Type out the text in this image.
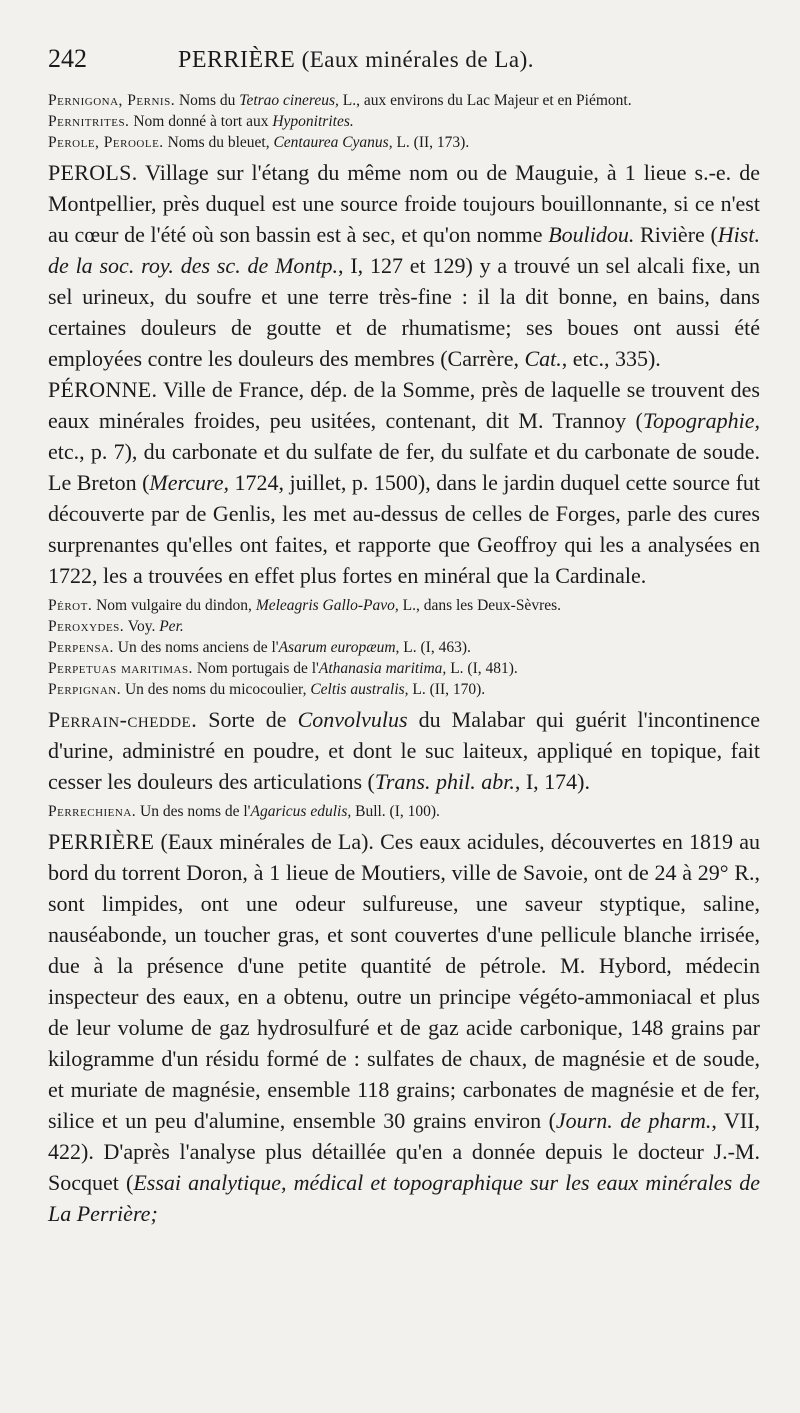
242	PERRIÈRE (Eaux minérales de La).

Pernigona, Pernis. Noms du Tetrao cinereus, L., aux environs du Lac Majeur et en Piémont.

Pernitrites. Nom donné à tort aux Hyponitrites.

Perole, Peroole. Noms du bleuet, Centaurea Cyanus, L. (II, 173).

PEROLS. Village sur l'étang du même nom ou de Mauguie, à 1 lieue s.-e. de Montpellier, près duquel est une source froide toujours bouillonnante, si ce n'est au cœur de l'été où son bassin est à sec, et qu'on nomme Boulidou. Rivière (Hist. de la soc. roy. des sc. de Montp., I, 127 et 129) y a trouvé un sel alcali fixe, un sel urineux, du soufre et une terre très-fine : il la dit bonne, en bains, dans certaines douleurs de goutte et de rhumatisme; ses boues ont aussi été employées contre les douleurs des membres (Carrère, Cat., etc., 335).

PÉRONNE. Ville de France, dép. de la Somme, près de laquelle se trouvent des eaux minérales froides, peu usitées, contenant, dit M. Trannoy (Topographie, etc., p. 7), du carbonate et du sulfate de fer, du sulfate et du carbonate de soude. Le Breton (Mercure, 1724, juillet, p. 1500), dans le jardin duquel cette source fut découverte par de Genlis, les met au-dessus de celles de Forges, parle des cures surprenantes qu'elles ont faites, et rapporte que Geoffroy qui les a analysées en 1722, les a trouvées en effet plus fortes en minéral que la Cardinale.

Pérot. Nom vulgaire du dindon, Meleagris Gallo-Pavo, L., dans les Deux-Sèvres.

Peroxydes. Voy. Per.

Perpensa. Un des noms anciens de l'Asarum europæum, L. (I, 463).

Perpetuas maritimas. Nom portugais de l'Athanasia maritima, L. (I, 481).

Perpignan. Un des noms du micocoulier, Celtis australis, L. (II, 170).

Perrain-chedde. Sorte de Convolvulus du Malabar qui guérit l'incontinence d'urine, administré en poudre, et dont le suc laiteux, appliqué en topique, fait cesser les douleurs des articulations (Trans. phil. abr., I, 174).

Perrechiena. Un des noms de l'Agaricus edulis, Bull. (I, 100).

PERRIÈRE (Eaux minérales de La). Ces eaux acidules, découvertes en 1819 au bord du torrent Doron, à 1 lieue de Moutiers, ville de Savoie, ont de 24 à 29° R., sont limpides, ont une odeur sulfureuse, une saveur styptique, saline, nauséabonde, un toucher gras, et sont couvertes d'une pellicule blanche irrisée, due à la présence d'une petite quantité de pétrole. M. Hybord, médecin inspecteur des eaux, en a obtenu, outre un principe végéto-ammoniacal et plus de leur volume de gaz hydrosulfuré et de gaz acide carbonique, 148 grains par kilogramme d'un résidu formé de : sulfates de chaux, de magnésie et de soude, et muriate de magnésie, ensemble 118 grains; carbonates de magnésie et de fer, silice et un peu d'alumine, ensemble 30 grains environ (Journ. de pharm., VII, 422). D'après l'analyse plus détaillée qu'en a donnée depuis le docteur J.-M. Socquet (Essai analytique, médical et topographique sur les eaux minérales de La Perrière;
